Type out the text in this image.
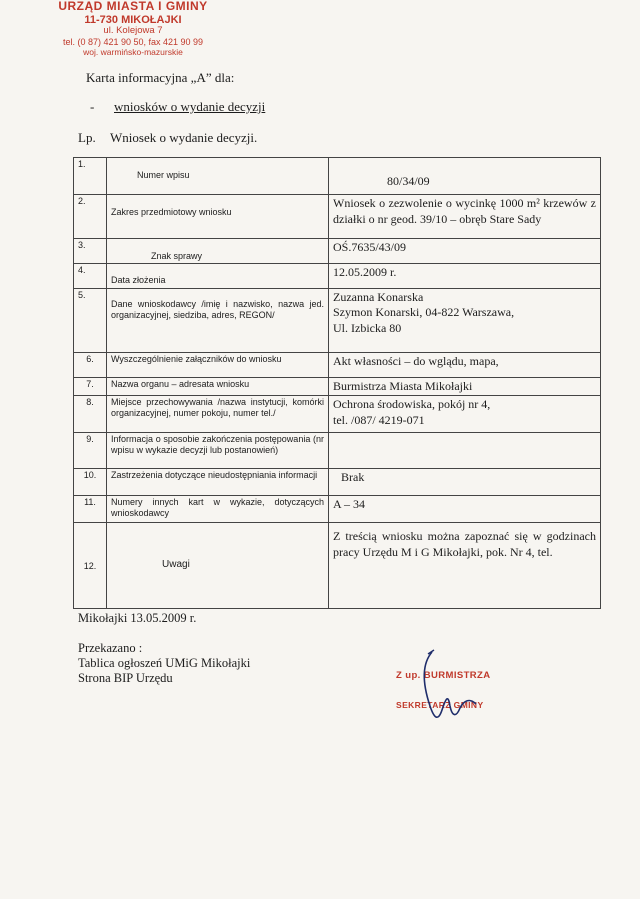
URZĄD MIASTA I GMINY
11-730 MIKOŁAJKI
ul. Kolejowa 7
tel. (0 87) 421 90 50, fax 421 90 99
woj. warmińsko-mazurskie
Karta informacyjna „A” dla:
- wniosków o wydanie decyzji
Lp. Wniosek o wydanie decyzji.
1.	Numer wpisu	80/34/09
2.	Zakres przedmiotowy wniosku	Wniosek o zezwolenie o wycinkę 1000 m² krzewów z działki o nr geod. 39/10 – obręb Stare Sady
3.	Znak sprawy	OŚ.7635/43/09
4.	Data złożenia	12.05.2009 r.
5.	Dane wnioskodawcy /imię i nazwisko, nazwa jed. organizacyjnej, siedziba, adres, REGON/	Zuzanna Konarska
Szymon Konarski, 04-822 Warszawa,
Ul. Izbicka 80

6.	Wyszczególnienie załączników do wniosku	Akt własności – do wglądu, mapa,
7.	Nazwa organu – adresata wniosku	Burmistrza Miasta Mikołajki
8.	Miejsce przechowywania /nazwa instytucji, komórki organizacyjnej, numer pokoju, numer tel./	Ochrona środowiska, pokój nr 4,
tel. /087/ 4219-071

9.	Informacja o sposobie zakończenia postępowania (nr wpisu w wykazie decyzji lub postanowień)	
10.	Zastrzeżenia dotyczące nieudostępniania informacji	Brak
11.	Numery innych kart w wykazie, dotyczących wnioskodawcy	A – 34
12.	Uwagi	Z treścią wniosku można zapoznać się w godzinach pracy Urzędu M i G Mikołajki, pok. Nr 4, tel.
Mikołajki 13.05.2009 r.
Przekazano :
Tablica ogłoszeń UMiG Mikołajki
Strona BIP Urzędu	Z up. BURMISTRZA
SEKRETARZ GMINY
